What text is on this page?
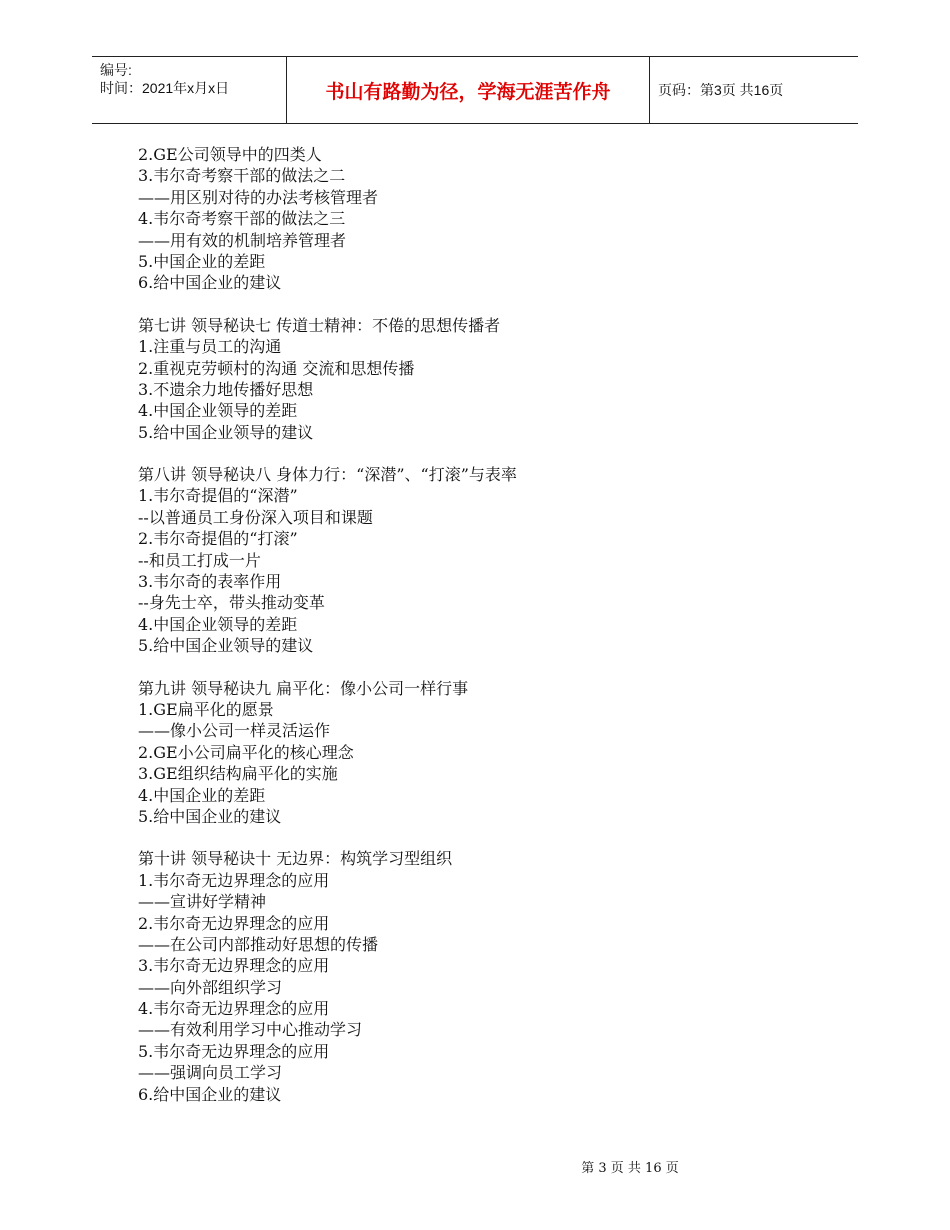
编号:
时间：2021年x月x日	书山有路勤为径，学海无涯苦作舟	页码：第3页 共16页
2.GE公司领导中的四类人
3.韦尔奇考察干部的做法之二
——用区别对待的办法考核管理者
4.韦尔奇考察干部的做法之三
——用有效的机制培养管理者
5.中国企业的差距
6.给中国企业的建议
第七讲 领导秘诀七 传道士精神：不倦的思想传播者
1.注重与员工的沟通
2.重视克劳顿村的沟通 交流和思想传播
3.不遗余力地传播好思想
4.中国企业领导的差距
5.给中国企业领导的建议
第八讲 领导秘诀八 身体力行：“深潜”、“打滚”与表率
1.韦尔奇提倡的“深潜”
--以普通员工身份深入项目和课题
2.韦尔奇提倡的“打滚”
--和员工打成一片
3.韦尔奇的表率作用
--身先士卒，带头推动变革
4.中国企业领导的差距
5.给中国企业领导的建议
第九讲 领导秘诀九 扁平化：像小公司一样行事
1.GE扁平化的愿景
——像小公司一样灵活运作
2.GE小公司扁平化的核心理念
3.GE组织结构扁平化的实施
4.中国企业的差距
5.给中国企业的建议
第十讲 领导秘诀十 无边界：构筑学习型组织
1.韦尔奇无边界理念的应用
——宣讲好学精神
2.韦尔奇无边界理念的应用
——在公司内部推动好思想的传播
3.韦尔奇无边界理念的应用
——向外部组织学习
4.韦尔奇无边界理念的应用
——有效利用学习中心推动学习
5.韦尔奇无边界理念的应用
——强调向员工学习
6.给中国企业的建议
第 3 页 共 16 页
